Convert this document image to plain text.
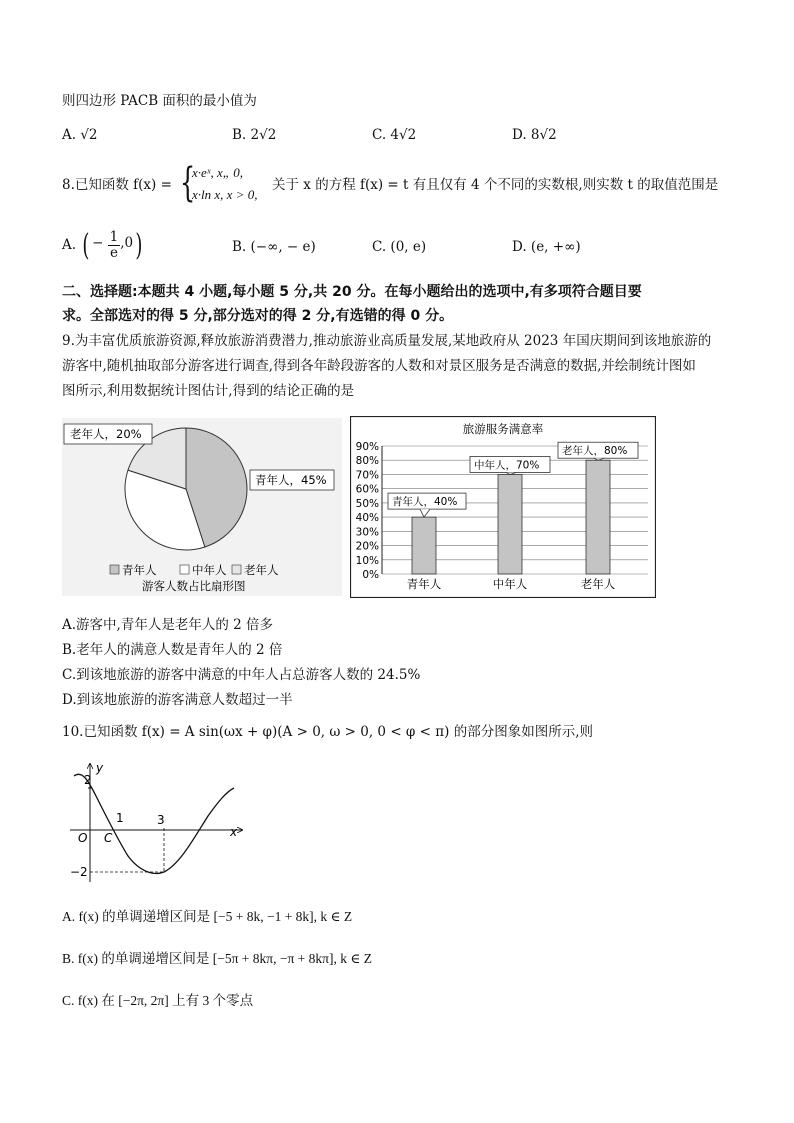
则四边形 PACB 面积的最小值为
A. √2	B. 2√2	C. 4√2	D. 8√2
8.已知函数 f(x) = {
x·eˣ, x„ 0,
x·ln x, x > 0,
关于 x 的方程 f(x) = t 有且仅有 4 个不同的实数根,则实数 t 的取值范围是
A. ( − $\frac{1}{e} ,0$)	B. (−∞, − e)	C. (0, e)	D. (e, +∞)
二、选择题:本题共 4 小题,每小题 5 分,共 20 分。在每小题给出的选项中,有多项符合题目要
求。全部选对的得 5 分,部分选对的得 2 分,有选错的得 0 分。
9.为丰富优质旅游资源,释放旅游消费潜力,推动旅游业高质量发展,某地政府从 2023 年国庆期间到该地旅游的
游客中,随机抽取部分游客进行调查,得到各年龄段游客的人数和对景区服务是否满意的数据,并绘制统计图如
图所示,利用数据统计图估计,得到的结论正确的是
老年人，20%
青年人，45%
青年人	中年人 老年人
游客人数占比扇形图
旅游服务满意率
0%
10%
20%
30%
40%
50%
60%
70%
80%
90%
青年人，40%
中年人，70%
老年人，80%
青年人	中年人	老年人
A.游客中,青年人是老年人的 2 倍多
B.老年人的满意人数是青年人的 2 倍
C.到该地旅游的游客中满意的中年人占总游客人数的 24.5%
D.到该地旅游的游客满意人数超过一半
10.已知函数 f(x) = A sin(ωx + φ)(A > 0, ω > 0, 0 < φ < π) 的部分图象如图所示,则
y
x
O C
2
−2
1	3
A. f(x) 的单调递增区间是 [−5 + 8k, −1 + 8k], k ∈ Z
B. f(x) 的单调递增区间是 [−5π + 8kπ, −π + 8kπ], k ∈ Z
C. f(x) 在 [−2π, 2π] 上有 3 个零点
